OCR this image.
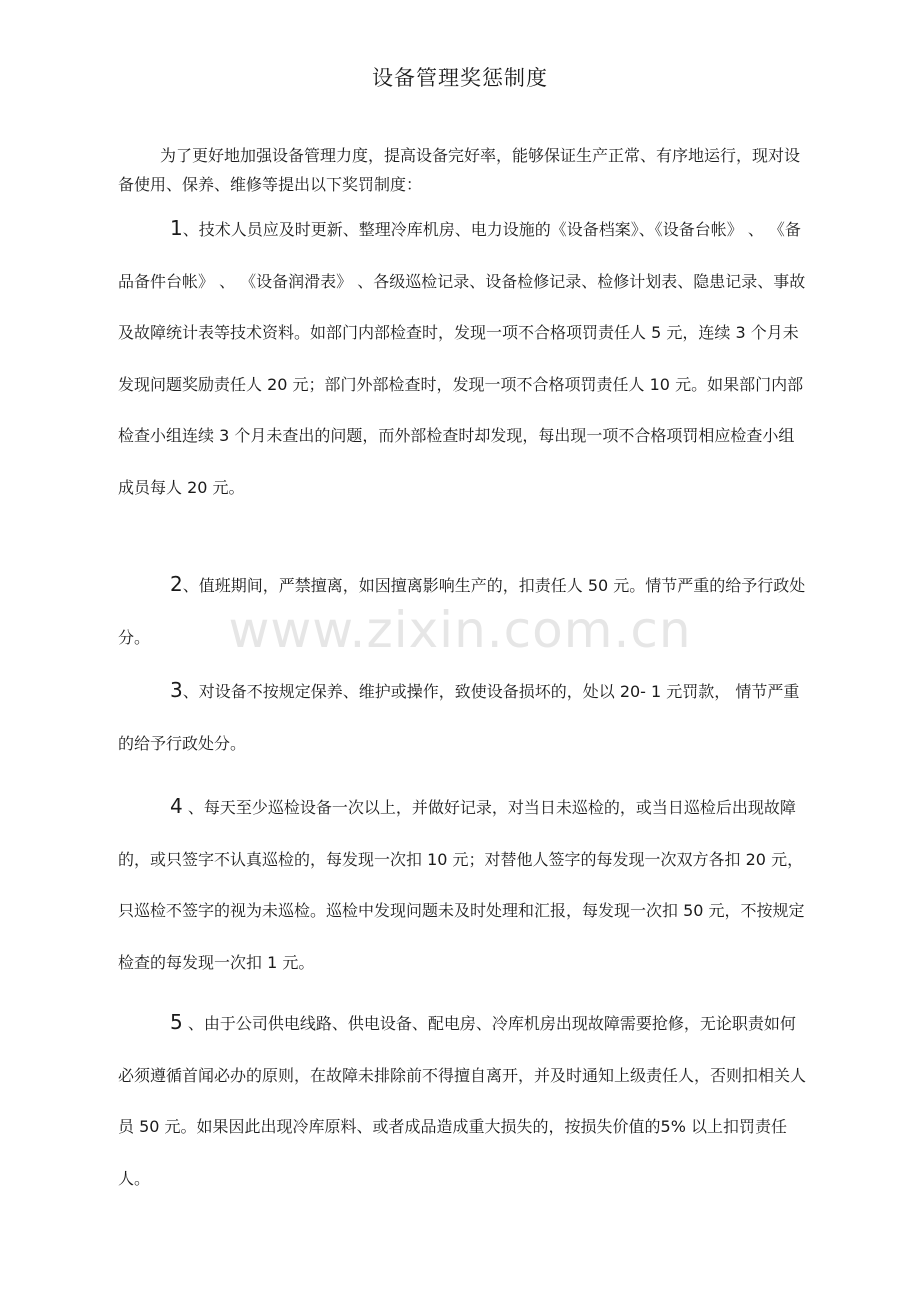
设备管理奖惩制度

为了更好地加强设备管理力度，提高设备完好率，能够保证生产正常、有序地运行，现对设备使用、保养、维修等提出以下奖罚制度：

1、技术人员应及时更新、整理冷库机房、电力设施的《设备档案》、《设备台帐》 、 《备品备件台帐》 、 《设备润滑表》 、各级巡检记录、设备检修记录、检修计划表、隐患记录、事故及故障统计表等技术资料。如部门内部检查时，发现一项不合格项罚责任人 5 元，连续 3 个月未发现问题奖励责任人 20 元；部门外部检查时，发现一项不合格项罚责任人 10 元。如果部门内部检查小组连续 3 个月未查出的问题，而外部检查时却发现，每出现一项不合格项罚相应检查小组成员每人 20 元。

2、值班期间，严禁擅离，如因擅离影响生产的，扣责任人 50 元。情节严重的给予行政处分。

3、对设备不按规定保养、维护或操作，致使设备损坏的，处以 20- 1 元罚款， 情节严重的给予行政处分。

4 、每天至少巡检设备一次以上，并做好记录，对当日未巡检的，或当日巡检后出现故障的，或只签字不认真巡检的，每发现一次扣 10 元；对替他人签字的每发现一次双方各扣 20 元，只巡检不签字的视为未巡检。巡检中发现问题未及时处理和汇报，每发现一次扣 50 元，不按规定检查的每发现一次扣 1 元。

5 、由于公司供电线路、供电设备、配电房、冷库机房出现故障需要抢修，无论职责如何必须遵循首闻必办的原则，在故障未排除前不得擅自离开，并及时通知上级责任人，否则扣相关人员 50 元。如果因此出现冷库原料、或者成品造成重大损失的，按损失价值的5% 以上扣罚责任人。

www.zixin.com.cn
